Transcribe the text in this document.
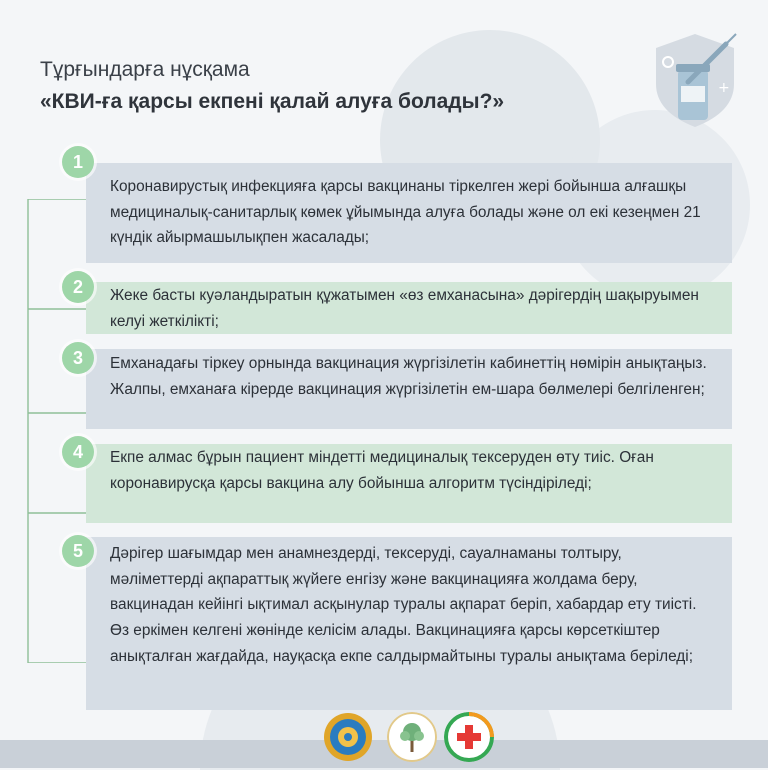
Тұрғындарға нұсқама
«КВИ-ға қарсы екпені қалай алуға болады?»
+
Коронавирустық инфекцияға қарсы вакцинаны тіркелген жері бойынша алғашқы медициналық-санитарлық көмек ұйымында алуға болады және ол екі кезеңмен 21 күндік айырмашылықпен жасалады;
1
Жеке басты куәландыратын құжатымен «өз емханасына» дәрігердің шақыруымен келуі жеткілікті;
2
Емханадағы тіркеу орнында вакцинация жүргізілетін кабинеттің нөмірін анықтаңыз. Жалпы, емханаға кірерде вакцинация жүргізілетін ем-шара бөлмелері белгіленген;
3
Екпе алмас бұрын пациент міндетті медициналық тексеруден өту тиіс. Оған коронавирусқа қарсы вакцина алу бойынша алгоритм түсіндіріледі;
4
Дәрігер шағымдар мен анамнездерді, тексеруді, сауалнаманы толтыру, мәліметтерді ақпараттық жүйеге енгізу және вакцинацияға жолдама беру, вакцинадан кейінгі ықтимал асқынулар туралы ақпарат беріп, хабардар ету тиісті. Өз еркімен келгені жөнінде келісім алады. Вакцинацияға қарсы көрсеткіштер анықталған жағдайда, науқасқа екпе салдырмайтыны туралы анықтама беріледі;
5
